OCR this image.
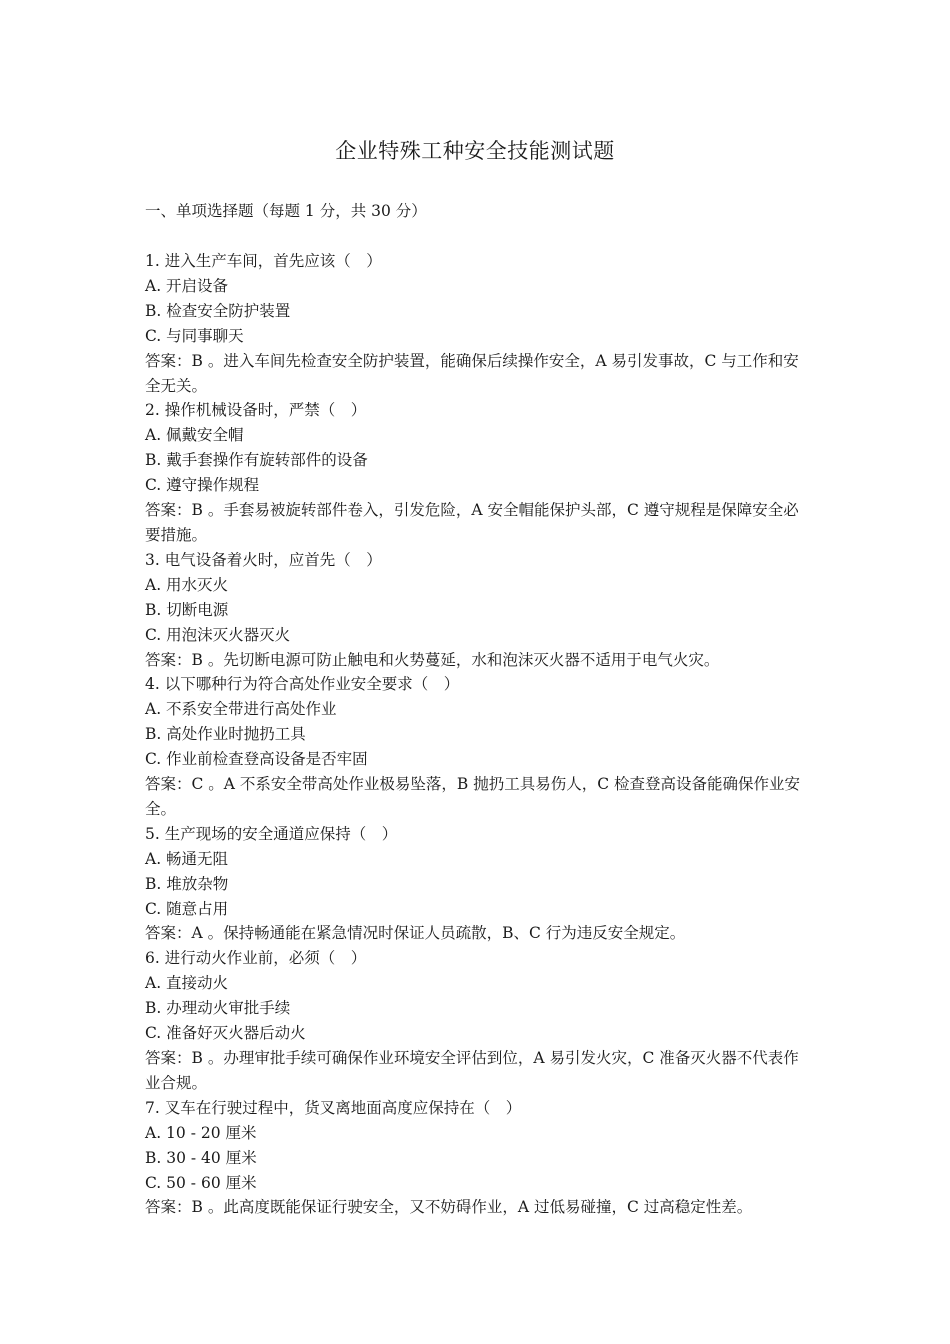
企业特殊工种安全技能测试题
一、单项选择题（每题 1 分，共 30 分）
1. 进入生产车间，首先应该（　）
A. 开启设备
B. 检查安全防护装置
C. 与同事聊天
答案：B 。进入车间先检查安全防护装置，能确保后续操作安全，A 易引发事故，C 与工作和安全无关。
2. 操作机械设备时，严禁（　）
A. 佩戴安全帽
B. 戴手套操作有旋转部件的设备
C. 遵守操作规程
答案：B 。手套易被旋转部件卷入，引发危险，A 安全帽能保护头部，C 遵守规程是保障安全必要措施。
3. 电气设备着火时，应首先（　）
A. 用水灭火
B. 切断电源
C. 用泡沫灭火器灭火
答案：B 。先切断电源可防止触电和火势蔓延，水和泡沫灭火器不适用于电气火灾。
4. 以下哪种行为符合高处作业安全要求（　）
A. 不系安全带进行高处作业
B. 高处作业时抛扔工具
C. 作业前检查登高设备是否牢固
答案：C 。A 不系安全带高处作业极易坠落，B 抛扔工具易伤人，C 检查登高设备能确保作业安全。
5. 生产现场的安全通道应保持（　）
A. 畅通无阻
B. 堆放杂物
C. 随意占用
答案：A 。保持畅通能在紧急情况时保证人员疏散，B、C 行为违反安全规定。
6. 进行动火作业前，必须（　）
A. 直接动火
B. 办理动火审批手续
C. 准备好灭火器后动火
答案：B 。办理审批手续可确保作业环境安全评估到位，A 易引发火灾，C 准备灭火器不代表作业合规。
7. 叉车在行驶过程中，货叉离地面高度应保持在（　）
A. 10 - 20 厘米
B. 30 - 40 厘米
C. 50 - 60 厘米
答案：B 。此高度既能保证行驶安全，又不妨碍作业，A 过低易碰撞，C 过高稳定性差。
